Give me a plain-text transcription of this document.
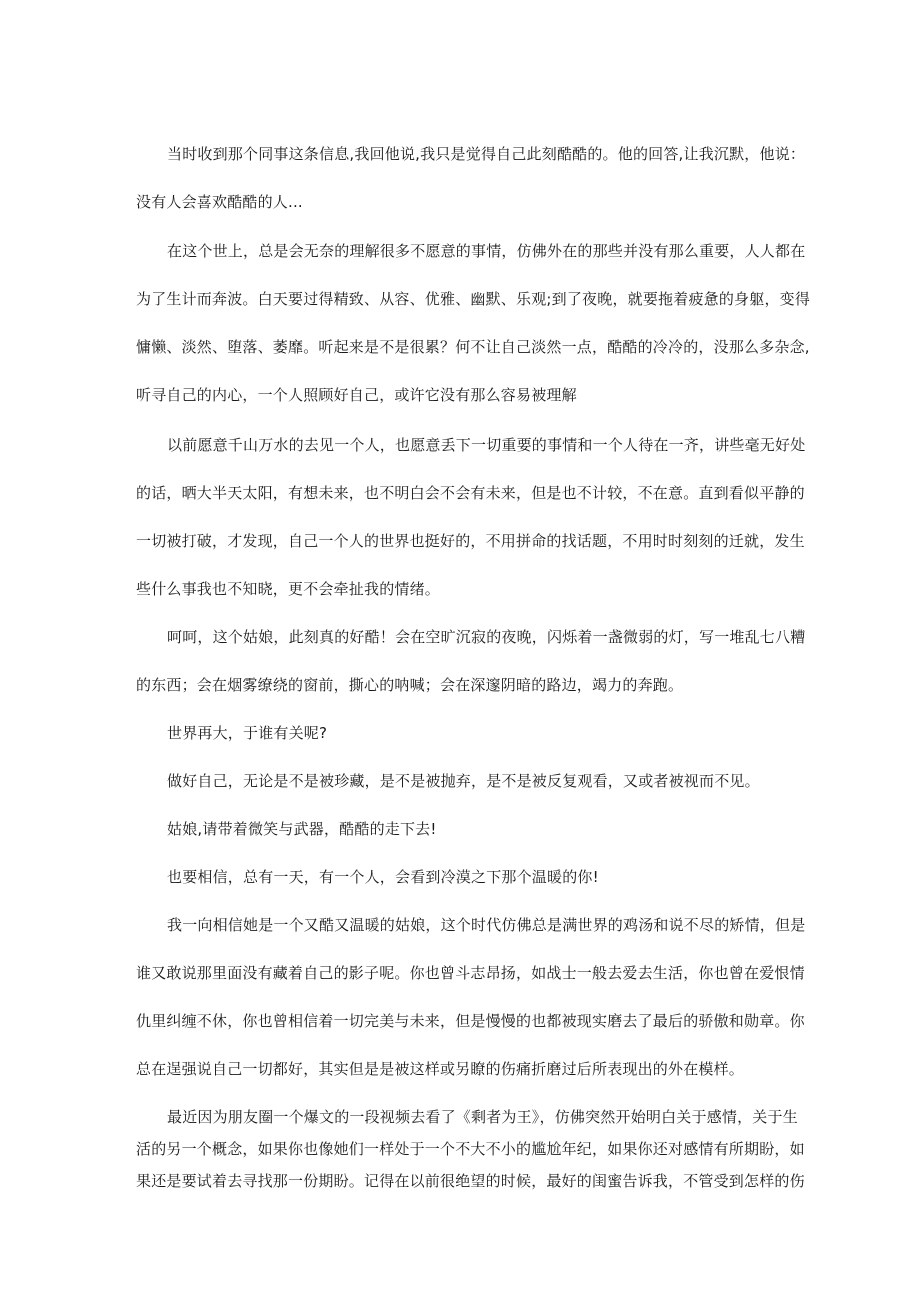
当时收到那个同事这条信息,我回他说,我只是觉得自己此刻酷酷的。他的回答,让我沉默，他说：
没有人会喜欢酷酷的人...
在这个世上，总是会无奈的理解很多不愿意的事情，仿佛外在的那些并没有那么重要，人人都在
为了生计而奔波。白天要过得精致、从容、优雅、幽默、乐观;到了夜晚，就要拖着疲惫的身躯，变得
慵懒、淡然、堕落、萎靡。听起来是不是很累？何不让自己淡然一点，酷酷的冷冷的，没那么多杂念,
听寻自己的内心，一个人照顾好自己，或许它没有那么容易被理解
以前愿意千山万水的去见一个人，也愿意丢下一切重要的事情和一个人待在一齐，讲些毫无好处
的话，晒大半天太阳，有想未来，也不明白会不会有未来，但是也不计较，不在意。直到看似平静的
一切被打破，才发现，自己一个人的世界也挺好的，不用拼命的找话题，不用时时刻刻的迁就，发生
些什么事我也不知晓，更不会牵扯我的情绪。
呵呵，这个姑娘，此刻真的好酷！会在空旷沉寂的夜晚，闪烁着一盏微弱的灯，写一堆乱七八糟
的东西；会在烟雾缭绕的窗前，撕心的呐喊；会在深邃阴暗的路边，竭力的奔跑。
世界再大，于谁有关呢?
做好自己，无论是不是被珍藏，是不是被抛弃，是不是被反复观看，又或者被视而不见。
姑娘,请带着微笑与武器，酷酷的走下去!
也要相信，总有一天，有一个人，会看到冷漠之下那个温暖的你!
我一向相信她是一个又酷又温暖的姑娘，这个时代仿佛总是满世界的鸡汤和说不尽的矫情，但是
谁又敢说那里面没有藏着自己的影子呢。你也曾斗志昂扬，如战士一般去爱去生活，你也曾在爱恨情
仇里纠缠不休，你也曾相信着一切完美与未来，但是慢慢的也都被现实磨去了最后的骄傲和勋章。你
总在逞强说自己一切都好，其实但是是被这样或另瞭的伤痛折磨过后所表现出的外在模样。
最近因为朋友圈一个爆文的一段视频去看了《剩者为王》，仿佛突然开始明白关于感情，关于生
活的另一个概念，如果你也像她们一样处于一个不大不小的尴尬年纪，如果你还对感情有所期盼，如
果还是要试着去寻找那一份期盼。记得在以前很绝望的时候，最好的闺蜜告诉我，不管受到怎样的伤
